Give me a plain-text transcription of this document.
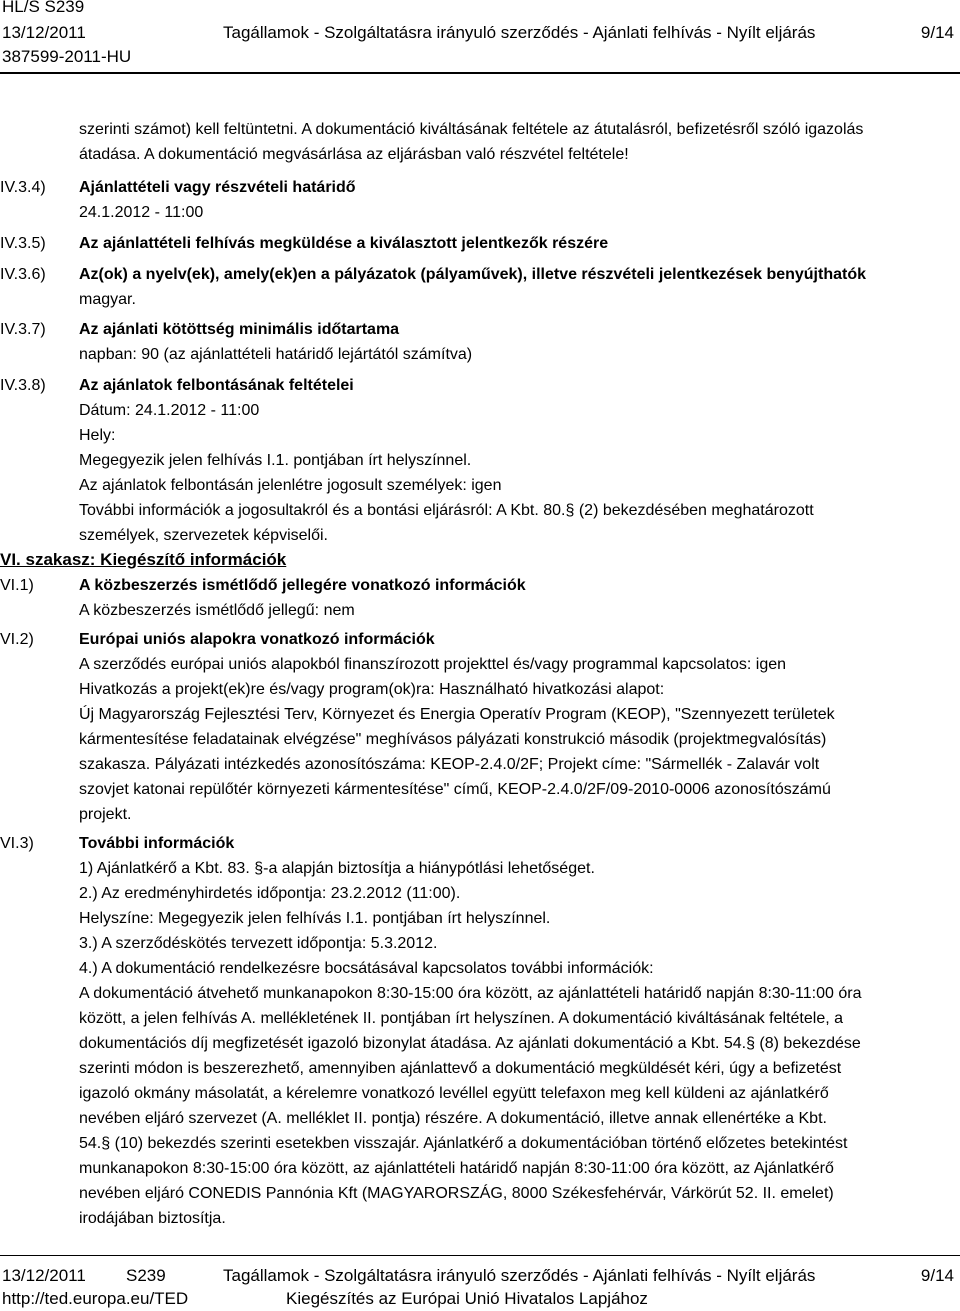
HL/S S239
13/12/2011	Tagállamok - Szolgáltatásra irányuló szerződés - Ajánlati felhívás - Nyílt eljárás	9/14
387599-2011-HU
szerinti számot) kell feltüntetni. A dokumentáció kiváltásának feltétele az átutalásról, befizetésről szóló igazolás
átadása. A dokumentáció megvásárlása az eljárásban való részvétel feltétele!
IV.3.4) Ajánlattételi vagy részvételi határidő
24.1.2012 - 11:00
IV.3.5) Az ajánlattételi felhívás megküldése a kiválasztott jelentkezők részére
IV.3.6) Az(ok) a nyelv(ek), amely(ek)en a pályázatok (pályaművek), illetve részvételi jelentkezések benyújthatók
magyar.
IV.3.7) Az ajánlati kötöttség minimális időtartama
napban: 90 (az ajánlattételi határidő lejártától számítva)
IV.3.8) Az ajánlatok felbontásának feltételei
Dátum: 24.1.2012 - 11:00
Hely:
Megegyezik jelen felhívás I.1. pontjában írt helyszínnel.
Az ajánlatok felbontásán jelenlétre jogosult személyek: igen
További információk a jogosultakról és a bontási eljárásról: A Kbt. 80.§ (2) bekezdésében meghatározott
személyek, szervezetek képviselői.
VI. szakasz: Kiegészítő információk
VI.1)	A közbeszerzés ismétlődő jellegére vonatkozó információk
A közbeszerzés ismétlődő jellegű: nem
VI.2)	Európai uniós alapokra vonatkozó információk
A szerződés európai uniós alapokból finanszírozott projekttel és/vagy programmal kapcsolatos: igen
Hivatkozás a projekt(ek)re és/vagy program(ok)ra: Használható hivatkozási alapot:
Új Magyarország Fejlesztési Terv, Környezet és Energia Operatív Program (KEOP), "Szennyezett területek
kármentesítése feladatainak elvégzése" meghívásos pályázati konstrukció második (projektmegvalósítás)
szakasza. Pályázati intézkedés azonosítószáma: KEOP-2.4.0/2F; Projekt címe: "Sármellék - Zalavár volt
szovjet katonai repülőtér környezeti kármentesítése" című, KEOP-2.4.0/2F/09-2010-0006 azonosítószámú
projekt.
VI.3)	További információk
1) Ajánlatkérő a Kbt. 83. §-a alapján biztosítja a hiánypótlási lehetőséget.
2.) Az eredményhirdetés időpontja: 23.2.2012 (11:00).
Helyszíne: Megegyezik jelen felhívás I.1. pontjában írt helyszínnel.
3.) A szerződéskötés tervezett időpontja: 5.3.2012.
4.) A dokumentáció rendelkezésre bocsátásával kapcsolatos további információk:
A dokumentáció átvehető munkanapokon 8:30-15:00 óra között, az ajánlattételi határidő napján 8:30-11:00 óra
között, a jelen felhívás A. mellékletének II. pontjában írt helyszínen. A dokumentáció kiváltásának feltétele, a
dokumentációs díj megfizetését igazoló bizonylat átadása. Az ajánlati dokumentáció a Kbt. 54.§ (8) bekezdése
szerinti módon is beszerezhető, amennyiben ajánlattevő a dokumentáció megküldését kéri, úgy a befizetést
igazoló okmány másolatát, a kérelemre vonatkozó levéllel együtt telefaxon meg kell küldeni az ajánlatkérő
nevében eljáró szervezet (A. melléklet II. pontja) részére. A dokumentáció, illetve annak ellenértéke a Kbt.
54.§ (10) bekezdés szerinti esetekben visszajár. Ajánlatkérő a dokumentációban történő előzetes betekintést
munkanapokon 8:30-15:00 óra között, az ajánlattételi határidő napján 8:30-11:00 óra között, az Ajánlatkérő
nevében eljáró CONEDIS Pannónia Kft (MAGYARORSZÁG, 8000 Székesfehérvár, Várkörút 52. II. emelet)
irodájában biztosítja.
13/12/2011 S239	Tagállamok - Szolgáltatásra irányuló szerződés - Ajánlati felhívás - Nyílt eljárás	9/14
http://ted.europa.eu/TED	Kiegészítés az Európai Unió Hivatalos Lapjához
